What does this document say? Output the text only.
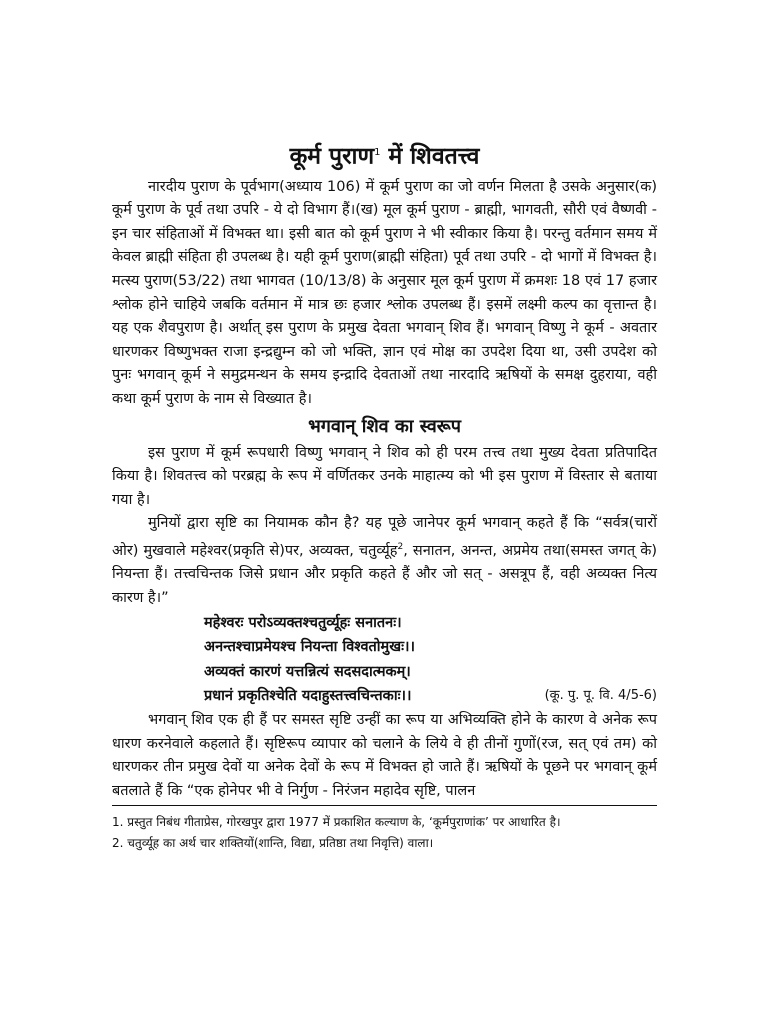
कूर्म पुराण$^1$ में शिवतत्त्व

नारदीय पुराण के पूर्वभाग(अध्याय 106) में कूर्म पुराण का जो वर्णन मिलता है उसके अनुसार(क) कूर्म पुराण के पूर्व तथा उपरि - ये दो विभाग हैं।(ख) मूल कूर्म पुराण - ब्राह्मी, भागवती, सौरी एवं वैष्णवी - इन चार संहिताओं में विभक्त था। इसी बात को कूर्म पुराण ने भी स्वीकार किया है। परन्तु वर्तमान समय में केवल ब्राह्मी संहिता ही उपलब्ध है। यही कूर्म पुराण(ब्राह्मी संहिता) पूर्व तथा उपरि - दो भागों में विभक्त है। मत्स्य पुराण(53/22) तथा भागवत (10/13/8) के अनुसार मूल कूर्म पुराण में क्रमशः 18 एवं 17 हजार श्लोक होने चाहिये जबकि वर्तमान में मात्र छः हजार श्लोक उपलब्ध हैं। इसमें लक्ष्मी कल्प का वृत्तान्त है। यह एक शैवपुराण है। अर्थात् इस पुराण के प्रमुख देवता भगवान् शिव हैं। भगवान् विष्णु ने कूर्म - अवतार धारणकर विष्णुभक्त राजा इन्द्रद्युम्न को जो भक्ति, ज्ञान एवं मोक्ष का उपदेश दिया था, उसी उपदेश को पुनः भगवान् कूर्म ने समुद्रमन्थन के समय इन्द्रादि देवताओं तथा नारदादि ऋषियों के समक्ष दुहराया, वही कथा कूर्म पुराण के नाम से विख्यात है।

भगवान् शिव का स्वरूप

इस पुराण में कूर्म रूपधारी विष्णु भगवान् ने शिव को ही परम तत्त्व तथा मुख्य देवता प्रतिपादित किया है। शिवतत्त्व को परब्रह्म के रूप में वर्णितकर उनके माहात्म्य को भी इस पुराण में विस्तार से बताया गया है।

मुनियों द्वारा सृष्टि का नियामक कौन है? यह पूछे जानेपर कूर्म भगवान् कहते हैं कि “सर्वत्र(चारों ओर) मुखवाले महेश्वर(प्रकृति से)पर, अव्यक्त, चतुर्व्यूह$^2$, सनातन, अनन्त, अप्रमेय तथा(समस्त जगत् के) नियन्ता हैं। तत्त्वचिन्तक जिसे प्रधान और प्रकृति कहते हैं और जो सत् - असत्रूप हैं, वही अव्यक्त नित्य कारण है।”

महेश्वरः परोऽव्यक्तश्चतुर्व्यूहः सनातनः।
अनन्तश्चाप्रमेयश्च नियन्ता विश्वतोमुखः।।
अव्यक्तं कारणं यत्तन्नित्यं सदसदात्मकम्।
प्रधानं प्रकृतिश्चेति यदाहुस्तत्त्वचिन्तकाः।।	(कू. पु. पू. वि. 4/5-6)

भगवान् शिव एक ही हैं पर समस्त सृष्टि उन्हीं का रूप या अभिव्यक्ति होने के कारण वे अनेक रूप धारण करनेवाले कहलाते हैं। सृष्टिरूप व्यापार को चलाने के लिये वे ही तीनों गुणों(रज, सत् एवं तम) को धारणकर तीन प्रमुख देवों या अनेक देवों के रूप में विभक्त हो जाते हैं। ऋषियों के पूछने पर भगवान् कूर्म बतलाते हैं कि “एक होनेपर भी वे निर्गुण - निरंजन महादेव सृष्टि, पालन

1. प्रस्तुत निबंध गीताप्रेस, गोरखपुर द्वारा 1977 में प्रकाशित कल्याण के, ‘कूर्मपुराणांक’ पर आधारित है।

2. चतुर्व्यूह का अर्थ चार शक्तियों(शान्ति, विद्या, प्रतिष्ठा तथा निवृत्ति) वाला।
